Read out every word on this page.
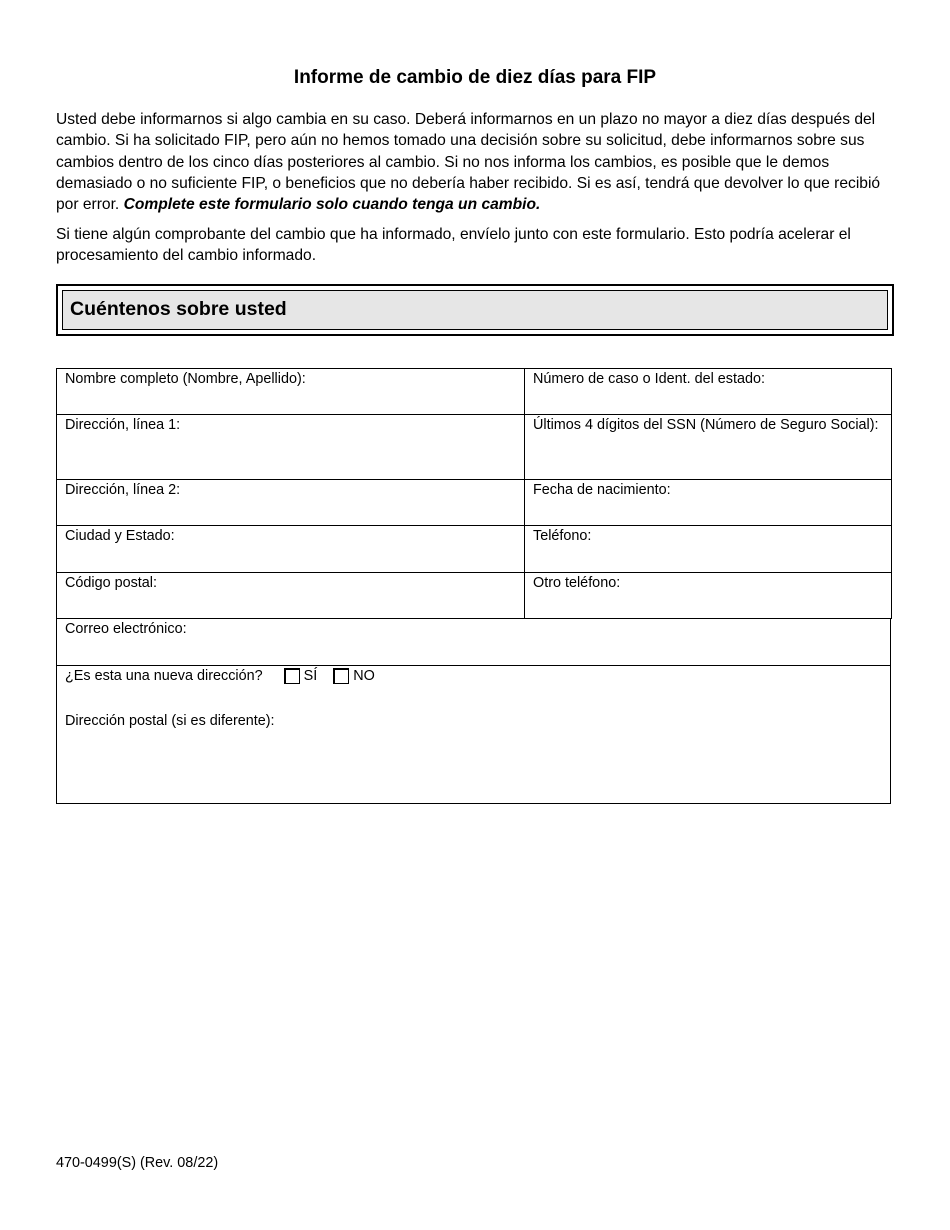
Informe de cambio de diez días para FIP

Usted debe informarnos si algo cambia en su caso. Deberá informarnos en un plazo no mayor a diez días después del cambio. Si ha solicitado FIP, pero aún no hemos tomado una decisión sobre su solicitud, debe informarnos sobre sus cambios dentro de los cinco días posteriores al cambio. Si no nos informa los cambios, es posible que le demos demasiado o no suficiente FIP, o beneficios que no debería haber recibido. Si es así, tendrá que devolver lo que recibió por error. Complete este formulario solo cuando tenga un cambio.

Si tiene algún comprobante del cambio que ha informado, envíelo junto con este formulario. Esto podría acelerar el procesamiento del cambio informado.

Cuéntenos sobre usted
Nombre completo (Nombre, Apellido):	Número de caso o Ident. del estado:
Dirección, línea 1:	Últimos 4 dígitos del SSN (Número de Seguro Social):
Dirección, línea 2:	Fecha de nacimiento:
Ciudad y Estado:	Teléfono:
Código postal:	Otro teléfono:
Correo electrónico:
¿Es esta una nueva dirección?	SÍ	NO
Dirección postal (si es diferente):

470-0499(S) (Rev. 08/22)
